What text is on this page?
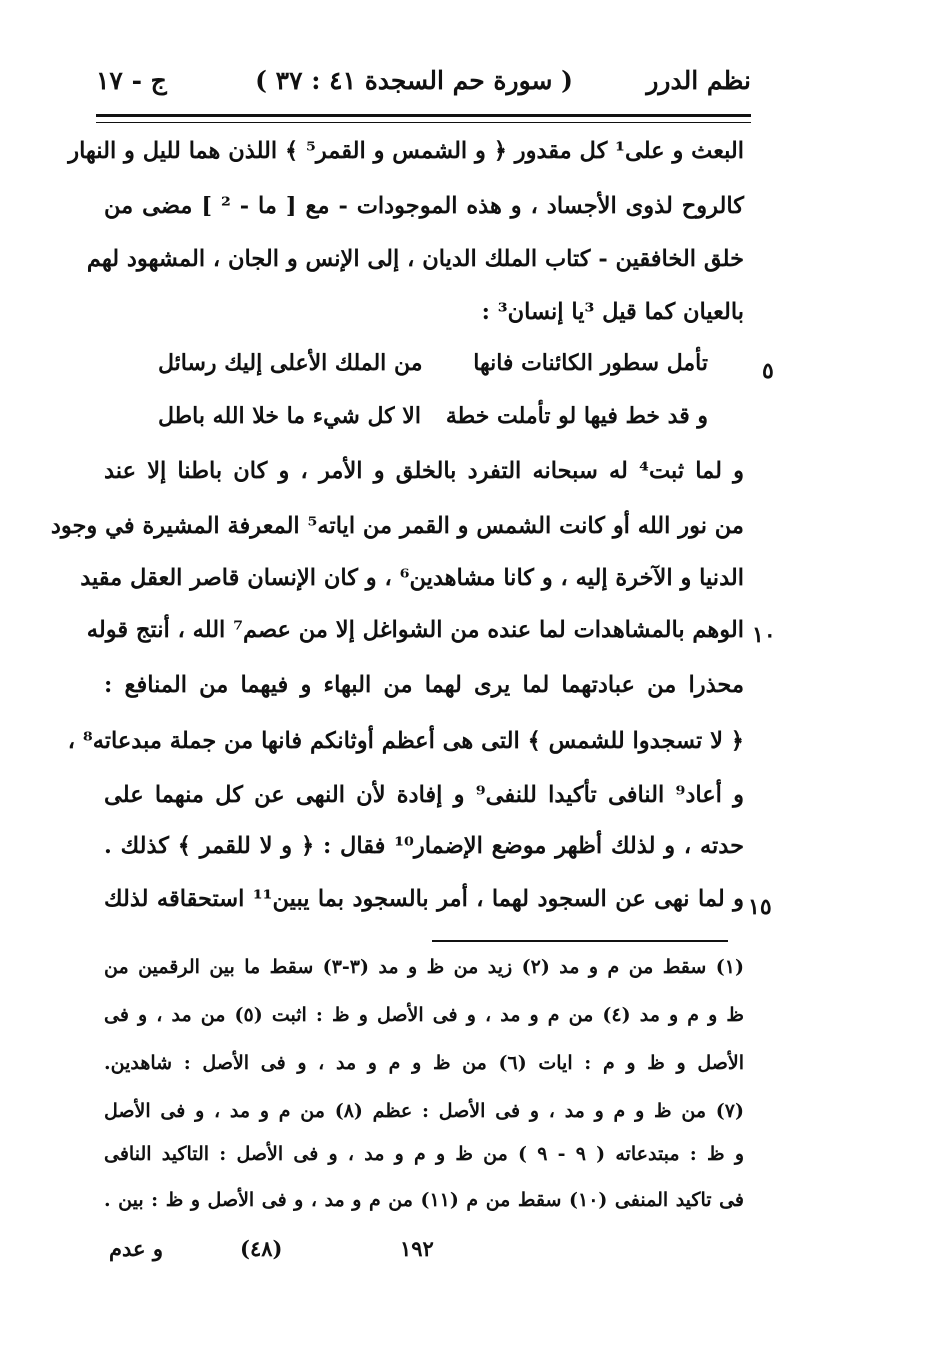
نظم الدرر
( سورة حم السجدة ٤١ : ٣٧ )
ج - ١٧
البعث و على¹ كل مقدور ﴿ و الشمس و القمر⁵ ﴾ اللذن هما لليل و النهار
كالروح لذوى الأجساد ، و هذه الموجودات - مع [ ما - ² ] مضى من
خلق الخافقين - كتاب الملك الديان ، إلى الإنس و الجان ، المشهود لهم
بالعيان كما قيل ³يا إنسان³ :
٥
تأمل سطور الكائنات فانها
من الملك الأعلى إليك رسائل
و قد خط فيها لو تأملت خطة
الا كل شيء ما خلا الله باطل
و لما ثبت⁴ له سبحانه التفرد بالخلق و الأمر ، و كان باطنا إلا عند
من نور الله أو كانت الشمس و القمر من اياته⁵ المعرفة المشيرة في وجود
الدنيا و الآخرة إليه ، و كانا مشاهدين⁶ ، و كان الإنسان قاصر العقل مقيد
١٠
الوهم بالمشاهدات لما عنده من الشواغل إلا من عصم⁷ الله ، أنتج قوله
محذرا من عبادتهما لما يرى لهما من البهاء و فيهما من المنافع :
﴿ لا تسجدوا للشمس ﴾ التى هى أعظم أوثانكم فانها من جملة مبدعاته⁸ ،
و أعاد⁹ النافى تأكيدا للنفى⁹ و إفادة لأن النهى عن كل منهما على
حدته ، و لذلك أظهر موضع الإضمار¹⁰ فقال : ﴿ و لا للقمر ﴾ كذلك .
١٥
و لما نهى عن السجود لهما ، أمر بالسجود بما يبين¹¹ استحقاقه لذلك
(١) سقط من م و مد (٢) زيد من ظ و مد (٣-٣) سقط ما بين الرقمين من
ظ و م و مد (٤) من م و مد ، و فى الأصل و ظ : اثبت (٥) من مد ، و فى
الأصل و ظ و م : ايات (٦) من ظ و م و مد ، و فى الأصل : شاهدين.
(٧) من ظ و م و مد ، و فى الأصل : عظم (٨) من م و مد ، و فى الأصل
و ظ : مبتدعاته ( ٩ - ٩ ) من ظ و م و مد ، و فى الأصل : التاكيد النافى
فى تاكيد المنفى (١٠) سقط من م (١١) من م و مد ، و فى الأصل و ظ : بين .
و عدم	(٤٨)	١٩٢
